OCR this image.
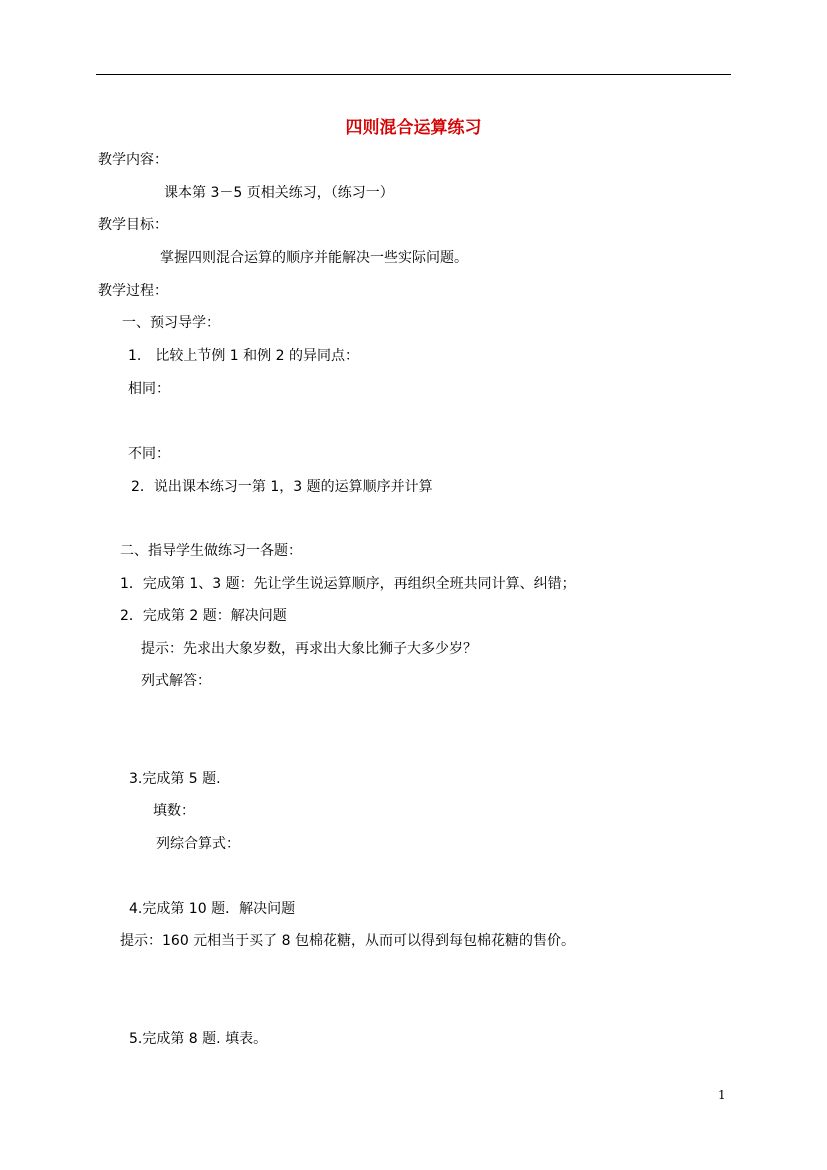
四则混合运算练习
教学内容：
课本第 3－5 页相关练习，（练习一）
教学目标：
掌握四则混合运算的顺序并能解决一些实际问题。
教学过程：
一、预习导学：
1.　比较上节例 1 和例 2 的异同点：
相同：
不同：
2．说出课本练习一第 1，3 题的运算顺序并计算
二、指导学生做练习一各题：
1．完成第 1、3 题：先让学生说运算顺序，再组织全班共同计算、纠错；
2．完成第 2 题：解决问题
提示：先求出大象岁数，再求出大象比狮子大多少岁？
列式解答：
3.完成第 5 题.
填数：
列综合算式：
4.完成第 10 题．解决问题
提示：160 元相当于买了 8 包棉花糖，从而可以得到每包棉花糖的售价。
5.完成第 8 题. 填表。
1
